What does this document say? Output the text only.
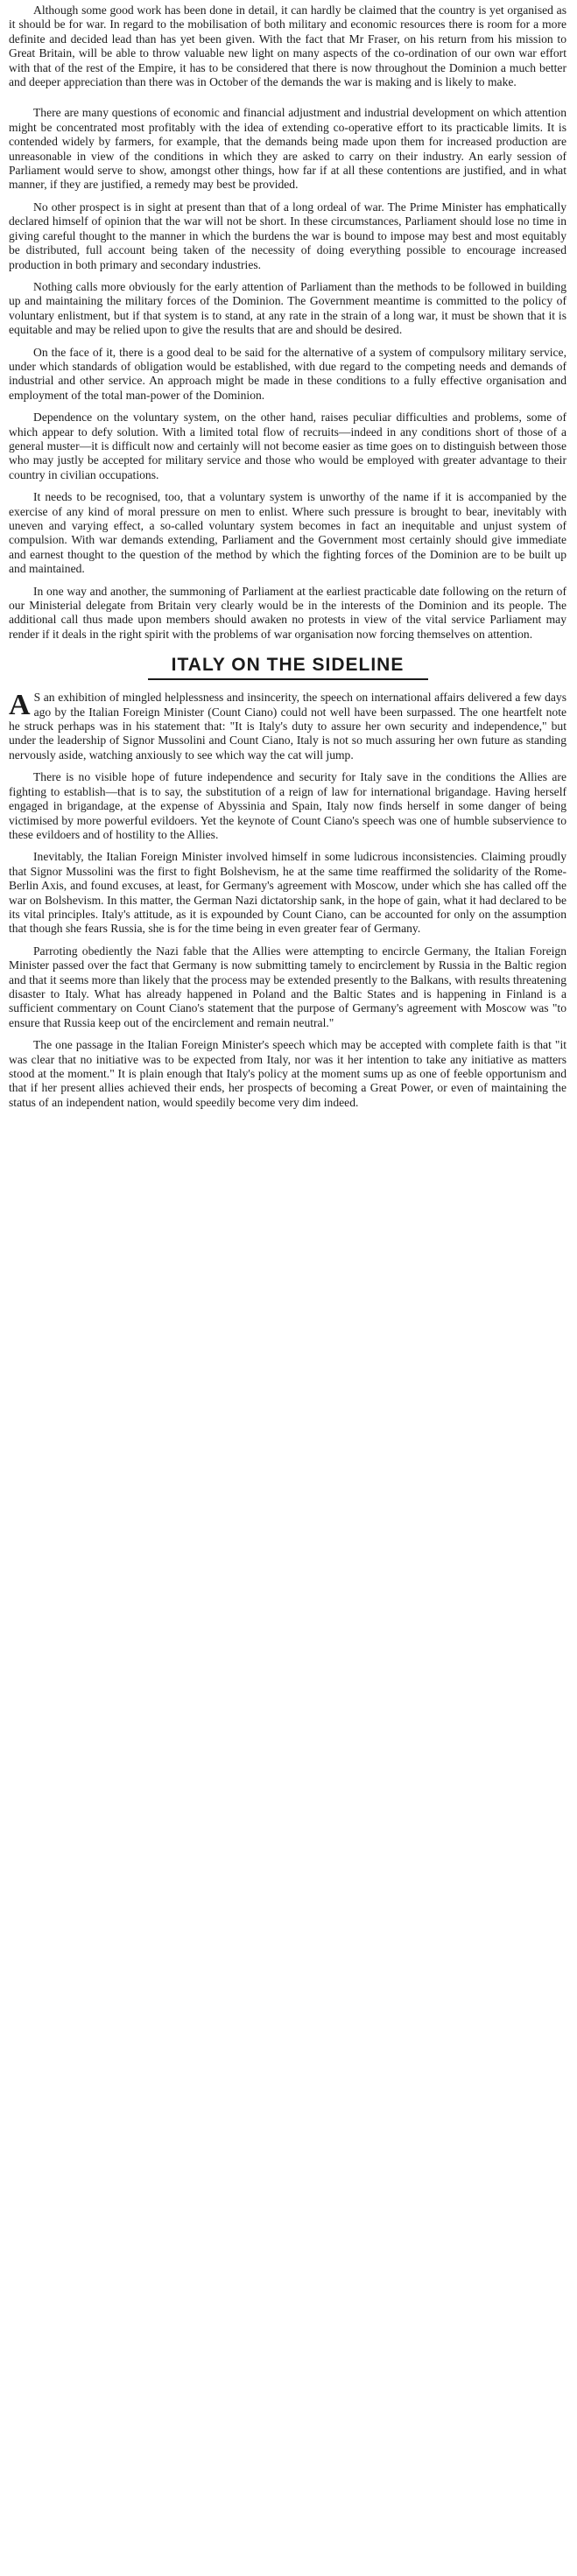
Although some good work has been done in detail, it can hardly be claimed that the country is yet organised as it should be for war. In regard to the mobilisation of both military and economic resources there is room for a more definite and decided lead than has yet been given. With the fact that Mr Fraser, on his return from his mission to Great Britain, will be able to throw valuable new light on many aspects of the co-ordination of our own war effort with that of the rest of the Empire, it has to be considered that there is now throughout the Dominion a much better and deeper appreciation than there was in October of the demands the war is making and is likely to make.

There are many questions of economic and financial adjustment and industrial development on which attention might be concentrated most profitably with the idea of extending co-operative effort to its practicable limits. It is contended widely by farmers, for example, that the demands being made upon them for increased production are unreasonable in view of the conditions in which they are asked to carry on their industry. An early session of Parliament would serve to show, amongst other things, how far if at all these contentions are justified, and in what manner, if they are justified, a remedy may best be provided.

No other prospect is in sight at present than that of a long ordeal of war. The Prime Minister has emphatically declared himself of opinion that the war will not be short. In these circumstances, Parliament should lose no time in giving careful thought to the manner in which the burdens the war is bound to impose may best and most equitably be distributed, full account being taken of the necessity of doing everything possible to encourage increased production in both primary and secondary industries.

Nothing calls more obviously for the early attention of Parliament than the methods to be followed in building up and maintaining the military forces of the Dominion. The Government meantime is committed to the policy of voluntary enlistment, but if that system is to stand, at any rate in the strain of a long war, it must be shown that it is equitable and may be relied upon to give the results that are and should be desired.

On the face of it, there is a good deal to be said for the alternative of a system of compulsory military service, under which standards of obligation would be established, with due regard to the competing needs and demands of industrial and other service. An approach might be made in these conditions to a fully effective organisation and employment of the total man-power of the Dominion.

Dependence on the voluntary system, on the other hand, raises peculiar difficulties and problems, some of which appear to defy solution. With a limited total flow of recruits—indeed in any conditions short of those of a general muster—it is difficult now and certainly will not become easier as time goes on to distinguish between those who may justly be accepted for military service and those who would be employed with greater advantage to their country in civilian occupations.

It needs to be recognised, too, that a voluntary system is unworthy of the name if it is accompanied by the exercise of any kind of moral pressure on men to enlist. Where such pressure is brought to bear, inevitably with uneven and varying effect, a so-called voluntary system becomes in fact an inequitable and unjust system of compulsion. With war demands extending, Parliament and the Government most certainly should give immediate and earnest thought to the question of the method by which the fighting forces of the Dominion are to be built up and maintained.

In one way and another, the summoning of Parliament at the earliest practicable date following on the return of our Ministerial delegate from Britain very clearly would be in the interests of the Dominion and its people. The additional call thus made upon members should awaken no protests in view of the vital service Parliament may render if it deals in the right spirit with the problems of war organisation now forcing themselves on attention.

ITALY ON THE SIDELINE

A S an exhibition of mingled helplessness and insincerity, the speech on international affairs delivered a few days ago by the Italian Foreign Minister (Count Ciano) could not well have been surpassed. The one heartfelt note he struck perhaps was in his statement that: "It is Italy's duty to assure her own security and independence," but under the leadership of Signor Mussolini and Count Ciano, Italy is not so much assuring her own future as standing nervously aside, watching anxiously to see which way the cat will jump.

There is no visible hope of future independence and security for Italy save in the conditions the Allies are fighting to establish—that is to say, the substitution of a reign of law for international brigandage. Having herself engaged in brigandage, at the expense of Abyssinia and Spain, Italy now finds herself in some danger of being victimised by more powerful evildoers. Yet the keynote of Count Ciano's speech was one of humble subservience to these evildoers and of hostility to the Allies.

Inevitably, the Italian Foreign Minister involved himself in some ludicrous inconsistencies. Claiming proudly that Signor Mussolini was the first to fight Bolshevism, he at the same time reaffirmed the solidarity of the Rome-Berlin Axis, and found excuses, at least, for Germany's agreement with Moscow, under which she has called off the war on Bolshevism. In this matter, the German Nazi dictatorship sank, in the hope of gain, what it had declared to be its vital principles. Italy's attitude, as it is expounded by Count Ciano, can be accounted for only on the assumption that though she fears Russia, she is for the time being in even greater fear of Germany.

Parroting obediently the Nazi fable that the Allies were attempting to encircle Germany, the Italian Foreign Minister passed over the fact that Germany is now submitting tamely to encirclement by Russia in the Baltic region and that it seems more than likely that the process may be extended presently to the Balkans, with results threatening disaster to Italy. What has already happened in Poland and the Baltic States and is happening in Finland is a sufficient commentary on Count Ciano's statement that the purpose of Germany's agreement with Moscow was "to ensure that Russia keep out of the encirclement and remain neutral."

The one passage in the Italian Foreign Minister's speech which may be accepted with complete faith is that "it was clear that no initiative was to be expected from Italy, nor was it her intention to take any initiative as matters stood at the moment." It is plain enough that Italy's policy at the moment sums up as one of feeble opportunism and that if her present allies achieved their ends, her prospects of becoming a Great Power, or even of maintaining the status of an independent nation, would speedily become very dim indeed.
